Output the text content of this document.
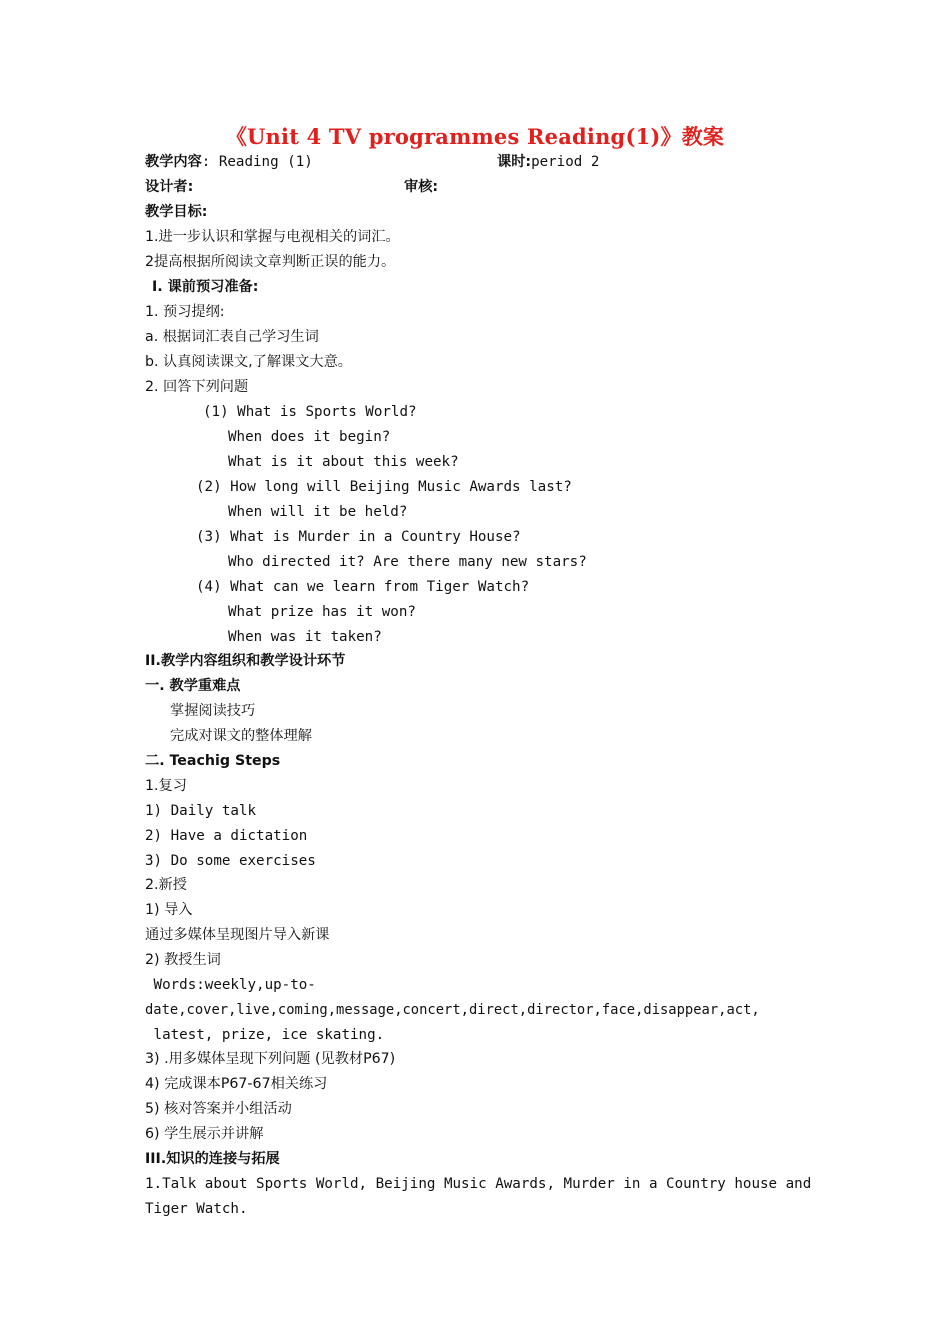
《Unit 4 TV programmes Reading(1)》教案
教学内容: Reading (1)	课时:period 2
设计者:	审核:
教学目标:
1.进一步认识和掌握与电视相关的词汇。
2提高根据所阅读文章判断正误的能力。
I. 课前预习准备:
1. 预习提纲:
a. 根据词汇表自己学习生词
b. 认真阅读课文,了解课文大意。
2. 回答下列问题
(1) What is Sports World?
When does it begin?
What is it about this week?
(2) How long will Beijing Music Awards last?
When will it be held?
(3) What is Murder in a Country House?
Who directed it? Are there many new stars?
(4) What can we learn from Tiger Watch?
What prize has it won?
When was it taken?
II.教学内容组织和教学设计环节
一. 教学重难点
掌握阅读技巧
完成对课文的整体理解
二. Teachig Steps
1.复习
1) Daily talk
2) Have a dictation
3) Do some exercises
2.新授
1) 导入
通过多媒体呈现图片导入新课
2) 教授生词
Words:weekly,up-to-
date,cover,live,coming,message,concert,direct,director,face,disappear,act,
latest, prize, ice skating.
3) .用多媒体呈现下列问题 (见教材P67)
4) 完成课本P67-67相关练习
5) 核对答案并小组活动
6) 学生展示并讲解
III.知识的连接与拓展
1.Talk about Sports World, Beijing Music Awards, Murder in a Country house and
Tiger Watch.
